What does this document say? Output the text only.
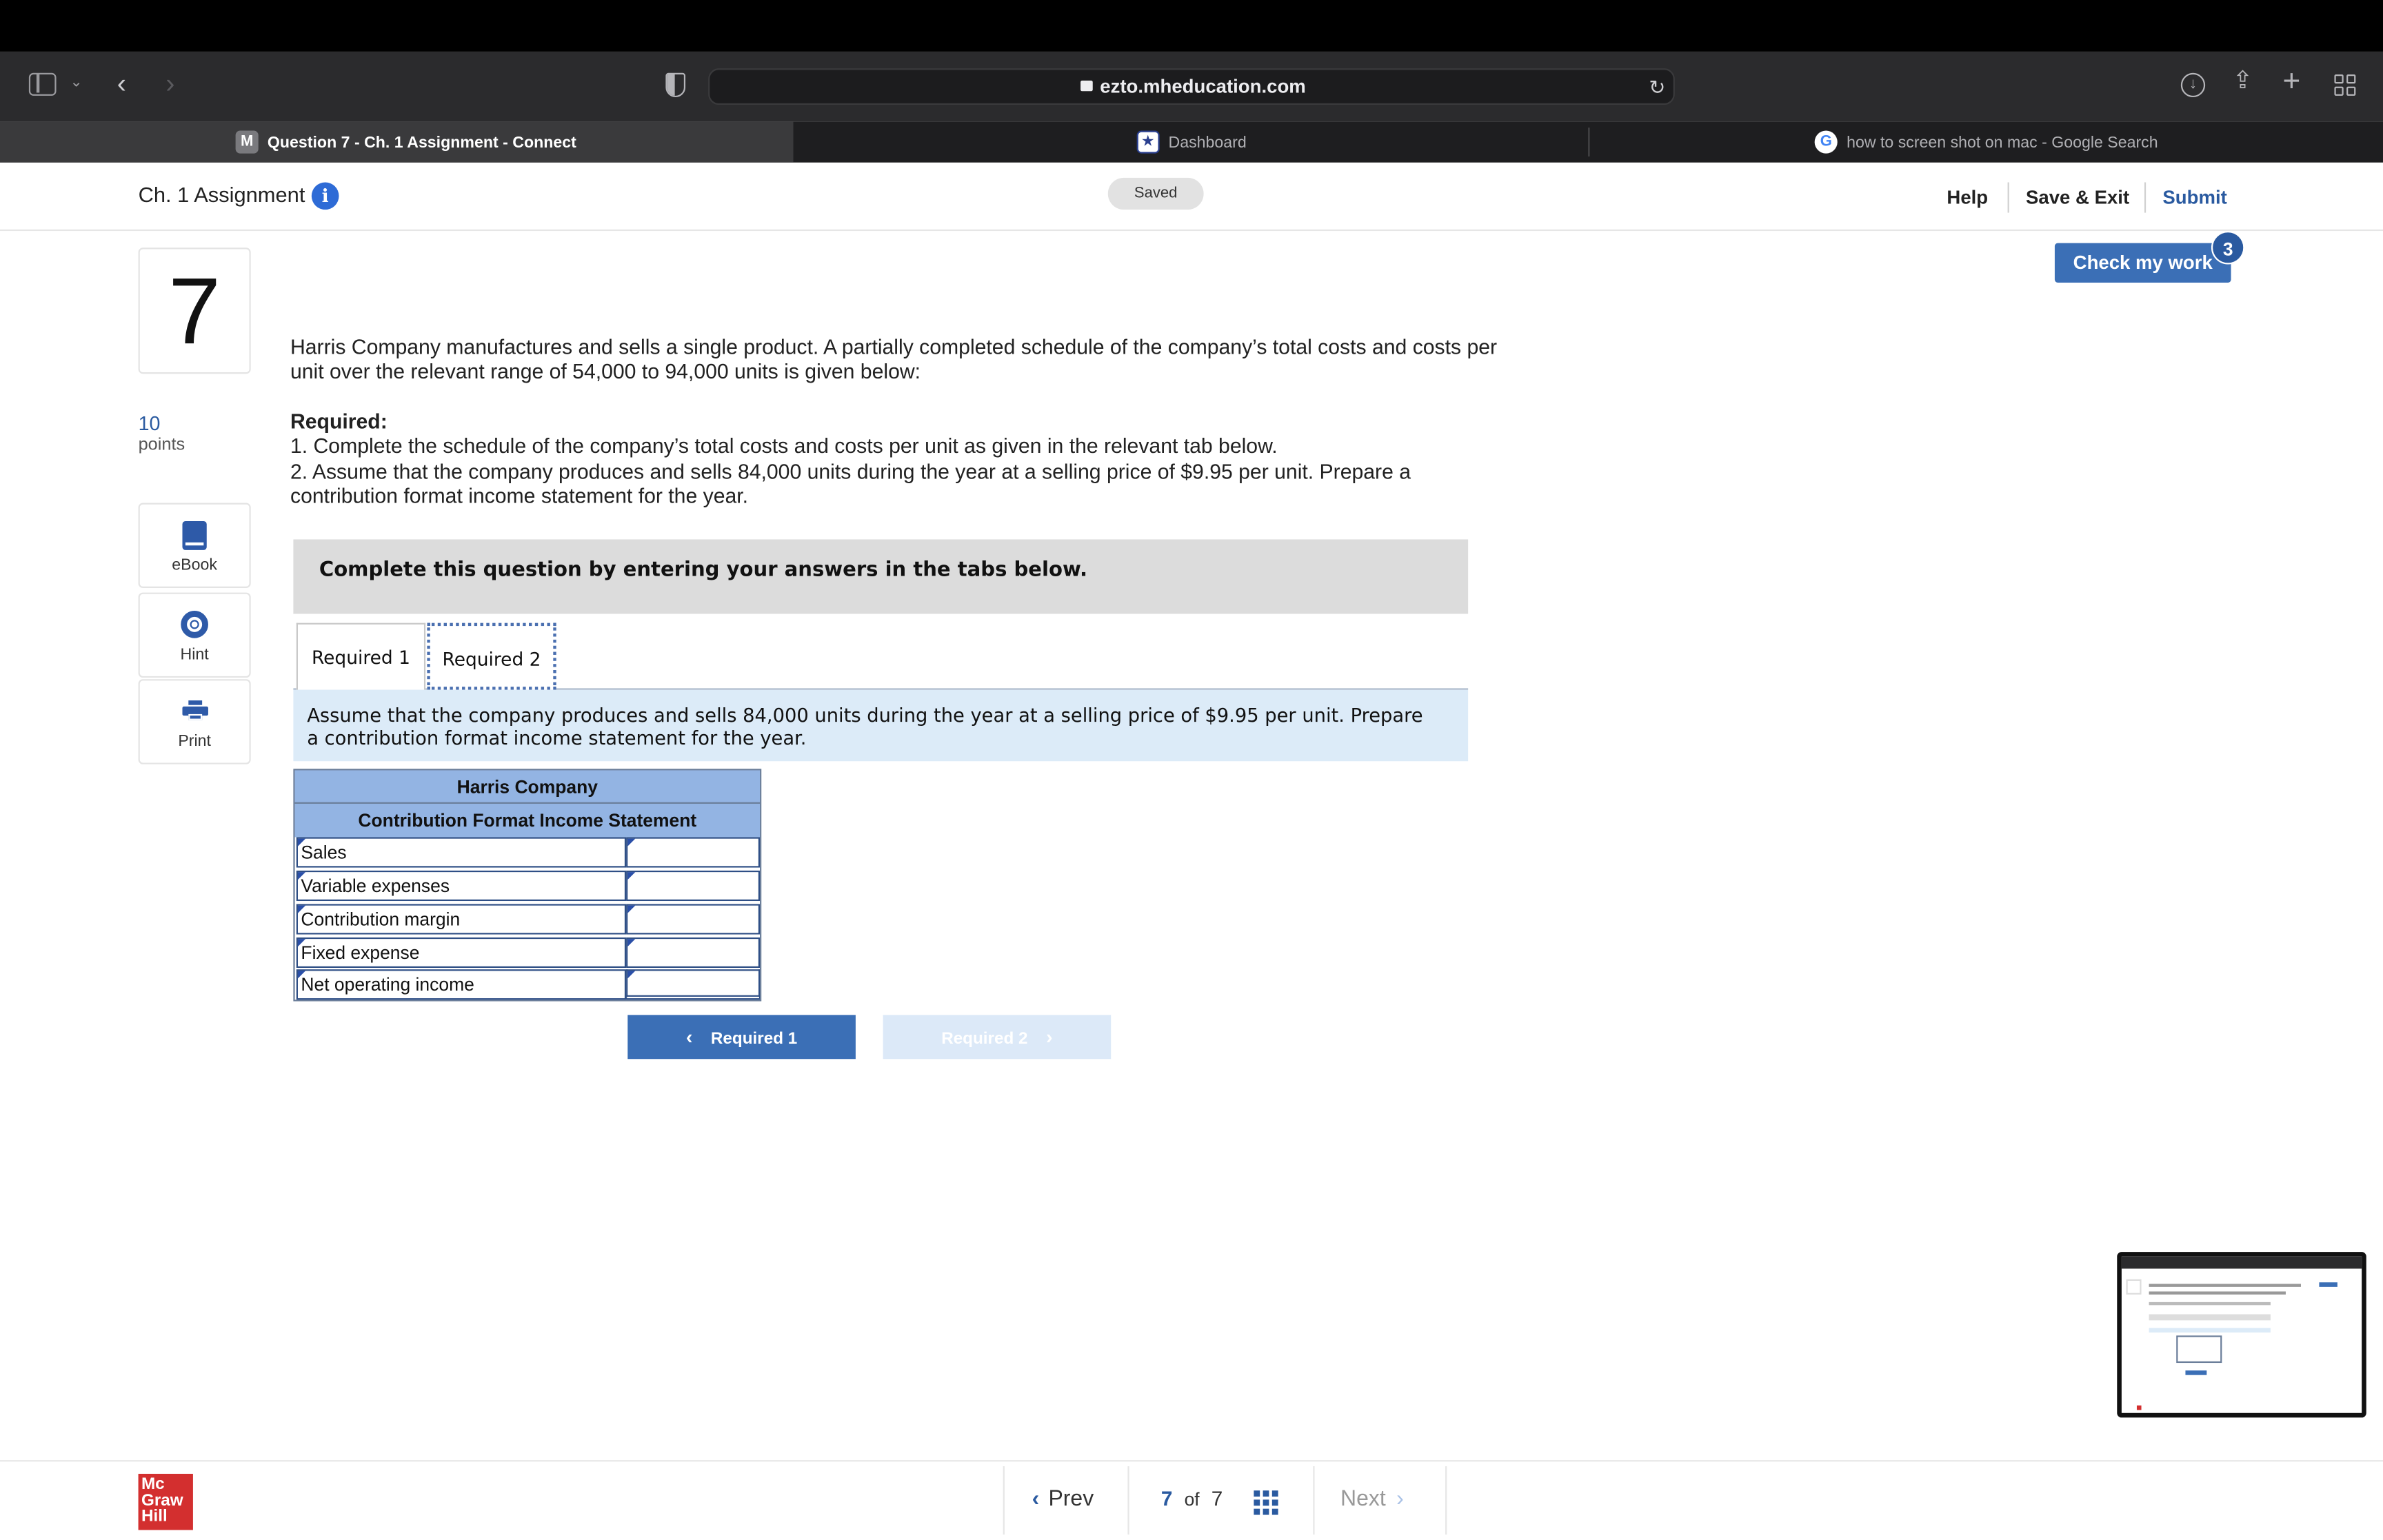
⌄	‹	›	ezto.mheducation.com	↻	↓	⇪ +
M	Question 7 - Ch. 1 Assignment - Connect	★	Dashboard	G	how to screen shot on mac - Google Search
Ch. 1 Assignment	i	Saved	Help	Save & Exit	Submit
Check my work
3
7
10
points
eBook
Hint
Print
Harris Company manufactures and sells a single product. A partially completed schedule of the company’s total costs and costs per
unit over the relevant range of 54,000 to 94,000 units is given below:
Required:
1. Complete the schedule of the company’s total costs and costs per unit as given in the relevant tab below.
2. Assume that the company produces and sells 84,000 units during the year at a selling price of $9.95 per unit. Prepare a
contribution format income statement for the year.
Complete this question by entering your answers in the tabs below.
Required 1	Required 2
Assume that the company produces and sells 84,000 units during the year at a selling price of $9.95 per unit. Prepare a contribution format income statement for the year.
Harris Company
Contribution Format Income Statement
Sales
Variable expenses
Contribution margin
Fixed expense
Net operating income
‹ Required 1	Required 2 ›
Mc
Graw
Hill
‹ Prev	7 of 7	Next ›
